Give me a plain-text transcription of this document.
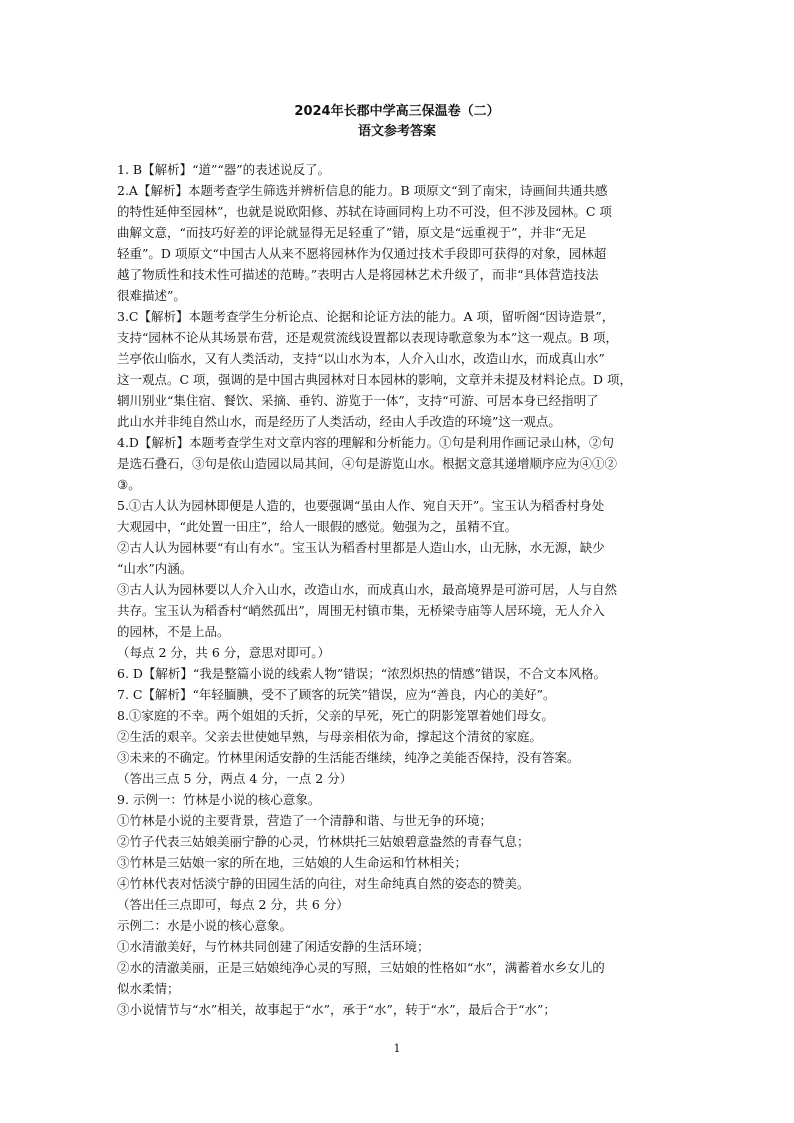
2024年长郡中学高三保温卷（二）
语文参考答案
1. B【解析】“道”“器”的表述说反了。
2.A【解析】本题考查学生筛选并辨析信息的能力。B 项原文“到了南宋，诗画间共通共感
的特性延伸至园林”，也就是说欧阳修、苏轼在诗画同构上功不可没，但不涉及园林。C 项
曲解文意，“而技巧好差的评论就显得无足轻重了”错，原文是“远重视于”，并非“无足
轻重”。D 项原文“中国古人从来不愿将园林作为仅通过技术手段即可获得的对象，园林超
越了物质性和技术性可描述的范畴。”表明古人是将园林艺术升级了，而非“具体营造技法
很难描述”。
3.C【解析】本题考查学生分析论点、论据和论证方法的能力。A 项，留听阁“因诗造景”，
支持“园林不论从其场景布营，还是观赏流线设置都以表现诗歌意象为本”这一观点。B 项，
兰亭依山临水，又有人类活动，支持“以山水为本，人介入山水，改造山水，而成真山水”
这一观点。C 项，强调的是中国古典园林对日本园林的影响，文章并未提及材料论点。D 项，
辋川别业“集住宿、餐饮、采摘、垂钓、游览于一体”，支持“可游、可居本身已经指明了
此山水并非纯自然山水，而是经历了人类活动，经由人手改造的环境”这一观点。
4.D【解析】本题考查学生对文章内容的理解和分析能力。①句是利用作画记录山林，②句
是选石叠石，③句是依山造园以局其间，④句是游览山水。根据文意其递增顺序应为④①②
③。
5.①古人认为园林即便是人造的，也要强调“虽由人作、宛自天开”。宝玉认为稻香村身处
大观园中，“此处置一田庄”，给人一眼假的感觉。勉强为之，虽精不宜。
②古人认为园林要“有山有水”。宝玉认为稻香村里都是人造山水，山无脉，水无源，缺少
“山水”内涵。
③古人认为园林要以人介入山水，改造山水，而成真山水，最高境界是可游可居，人与自然
共存。宝玉认为稻香村“峭然孤出”，周围无村镇市集，无桥梁寺庙等人居环境，无人介入
的园林，不是上品。
（每点 2 分，共 6 分，意思对即可。）
6. D【解析】“我是整篇小说的线索人物”错误；“浓烈炽热的情感”错误，不合文本风格。
7. C【解析】“年轻腼腆，受不了顾客的玩笑”错误，应为“善良，内心的美好”。
8.①家庭的不幸。两个姐姐的夭折，父亲的早死，死亡的阴影笼罩着她们母女。
②生活的艰辛。父亲去世使她早熟，与母亲相依为命，撑起这个清贫的家庭。
③未来的不确定。竹林里闲适安静的生活能否继续，纯净之美能否保持，没有答案。
（答出三点 5 分，两点 4 分，一点 2 分）
9. 示例一：竹林是小说的核心意象。
①竹林是小说的主要背景，营造了一个清静和谐、与世无争的环境；
②竹子代表三姑娘美丽宁静的心灵，竹林烘托三姑娘碧意盎然的青春气息；
③竹林是三姑娘一家的所在地，三姑娘的人生命运和竹林相关；
④竹林代表对恬淡宁静的田园生活的向往，对生命纯真自然的姿态的赞美。
（答出任三点即可，每点 2 分，共 6 分）
示例二：水是小说的核心意象。
①水清澈美好，与竹林共同创建了闲适安静的生活环境；
②水的清澈美丽，正是三姑娘纯净心灵的写照，三姑娘的性格如“水”，满蓄着水乡女儿的
似水柔情；
③小说情节与“水”相关，故事起于“水”，承于“水”，转于“水”，最后合于“水”；
1
